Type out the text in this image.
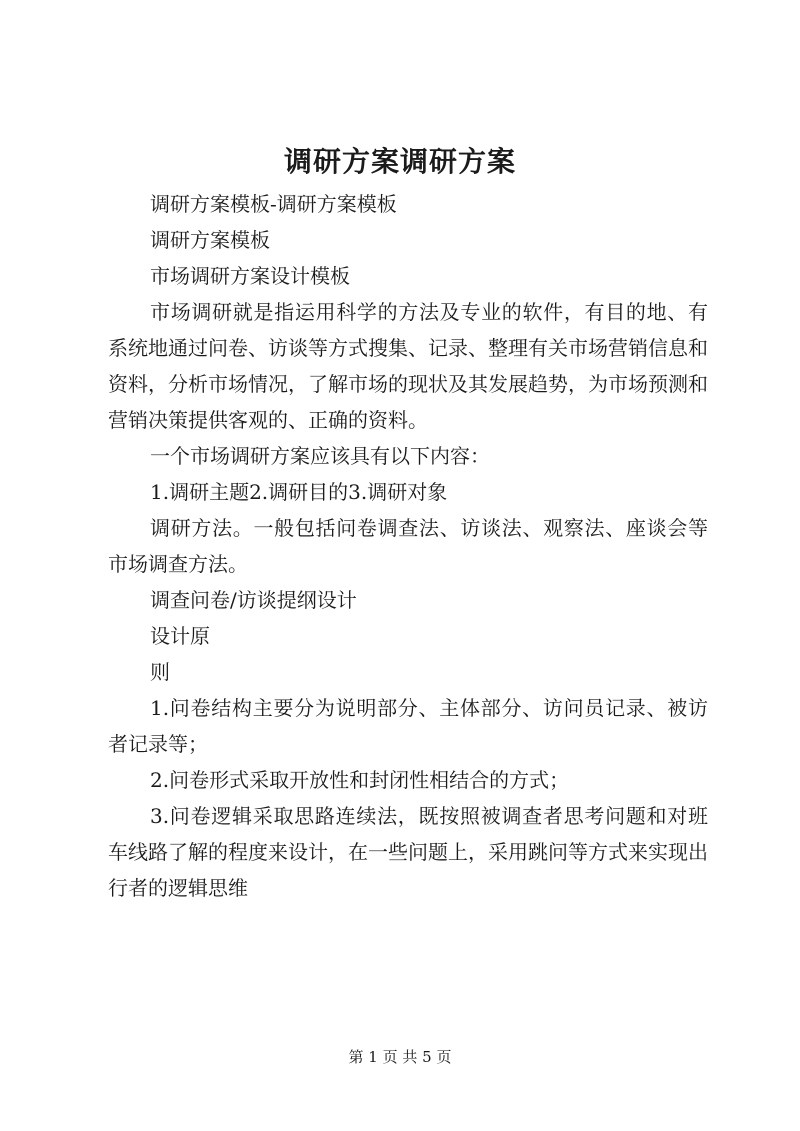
调研方案调研方案

调研方案模板-调研方案模板

调研方案模板

市场调研方案设计模板

市场调研就是指运用科学的方法及专业的软件，有目的地、有系统地通过问卷、访谈等方式搜集、记录、整理有关市场营销信息和资料，分析市场情况，了解市场的现状及其发展趋势，为市场预测和营销决策提供客观的、正确的资料。

一个市场调研方案应该具有以下内容：

1.调研主题2.调研目的3.调研对象

调研方法。一般包括问卷调查法、访谈法、观察法、座谈会等市场调查方法。

调查问卷/访谈提纲设计

设计原

则

1.问卷结构主要分为说明部分、主体部分、访问员记录、被访者记录等；

2.问卷形式采取开放性和封闭性相结合的方式；

3.问卷逻辑采取思路连续法，既按照被调查者思考问题和对班车线路了解的程度来设计，在一些问题上，采用跳问等方式来实现出行者的逻辑思维

第 1 页 共 5 页
